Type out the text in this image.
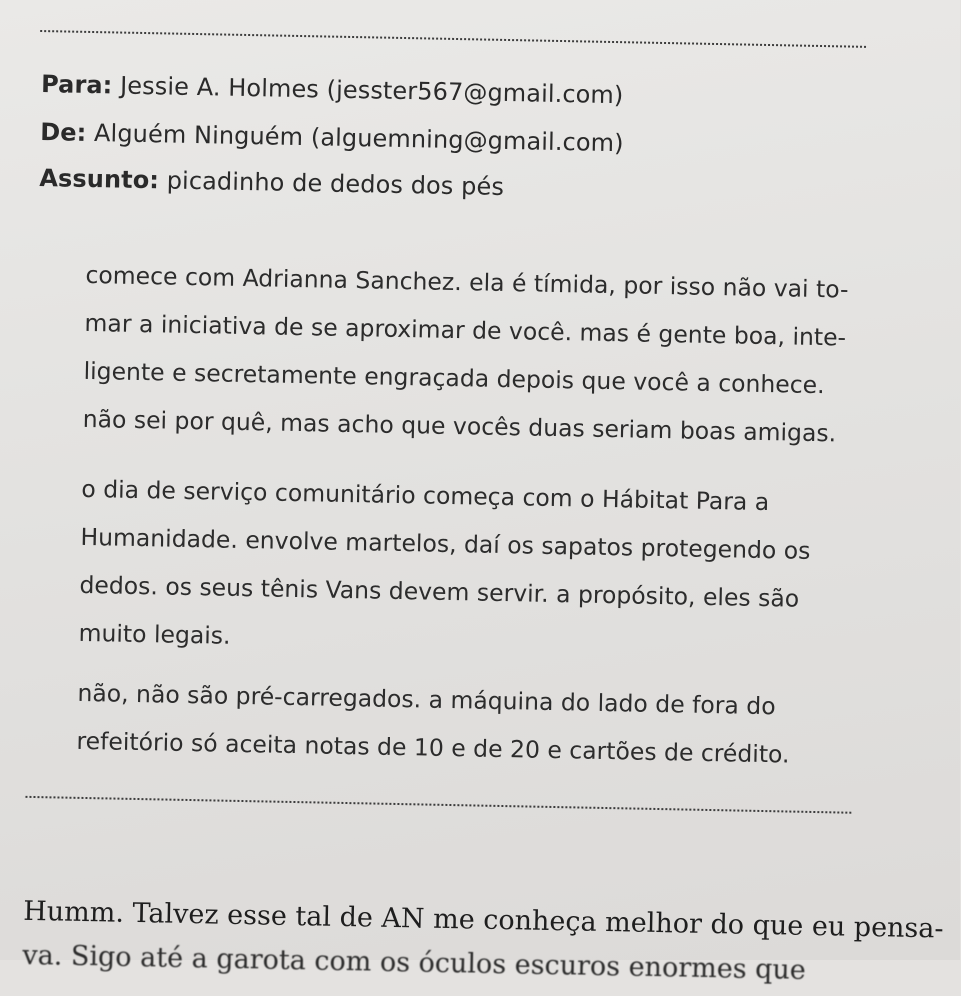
Para: Jessie A. Holmes (jesster567@gmail.com)
De: Alguém Ninguém (alguemning@gmail.com)
Assunto: picadinho de dedos dos pés
comece com Adrianna Sanchez. ela é tímida, por isso não vai to-
mar a iniciativa de se aproximar de você. mas é gente boa, inte-
ligente e secretamente engraçada depois que você a conhece.
não sei por quê, mas acho que vocês duas seriam boas amigas.
o dia de serviço comunitário começa com o Hábitat Para a
Humanidade. envolve martelos, daí os sapatos protegendo os
dedos. os seus tênis Vans devem servir. a propósito, eles são
muito legais.
não, não são pré-carregados. a máquina do lado de fora do
refeitório só aceita notas de 10 e de 20 e cartões de crédito.
Humm. Talvez esse tal de AN me conheça melhor do que eu pensa-
va. Sigo até a garota com os óculos escuros enormes que
